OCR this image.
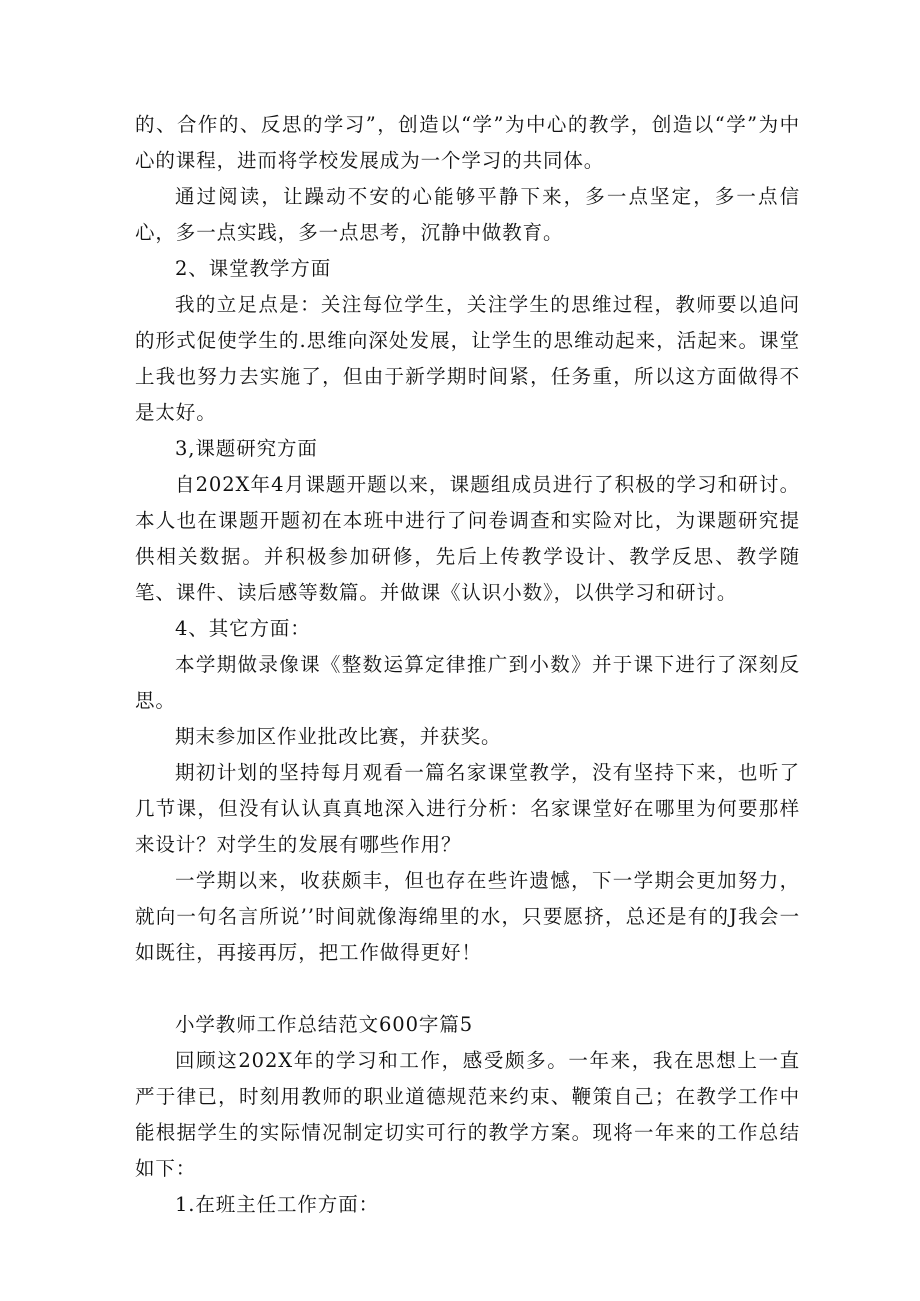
的、合作的、反思的学习”，创造以“学”为中心的教学，创造以“学”为中心的课程，进而将学校发展成为一个学习的共同体。

通过阅读，让躁动不安的心能够平静下来，多一点坚定，多一点信心，多一点实践，多一点思考，沉静中做教育。

2、课堂教学方面

我的立足点是：关注每位学生，关注学生的思维过程，教师要以追问的形式促使学生的.思维向深处发展，让学生的思维动起来，活起来。课堂上我也努力去实施了，但由于新学期时间紧，任务重，所以这方面做得不是太好。

3,课题研究方面

自202X年4月课题开题以来，课题组成员进行了积极的学习和研讨。本人也在课题开题初在本班中进行了问卷调查和实险对比，为课题研究提供相关数据。并积极参加研修，先后上传教学设计、教学反思、教学随笔、课件、读后感等数篇。并做课《认识小数》，以供学习和研讨。

4、其它方面：

本学期做录像课《整数运算定律推广到小数》并于课下进行了深刻反思。

期末参加区作业批改比赛，并获奖。

期初计划的坚持每月观看一篇名家课堂教学，没有坚持下来，也听了几节课，但没有认认真真地深入进行分析：名家课堂好在哪里为何要那样来设计？对学生的发展有哪些作用？

一学期以来，收获颇丰，但也存在些许遗憾，下一学期会更加努力，就向一句名言所说’’时间就像海绵里的水，只要愿挤，总还是有的J我会一如既往，再接再厉，把工作做得更好！

小学教师工作总结范文600字篇5

回顾这202X年的学习和工作，感受颇多。一年来，我在思想上一直严于律已，时刻用教师的职业道德规范来约束、鞭策自己；在教学工作中能根据学生的实际情况制定切实可行的教学方案。现将一年来的工作总结如下：

1.在班主任工作方面：
